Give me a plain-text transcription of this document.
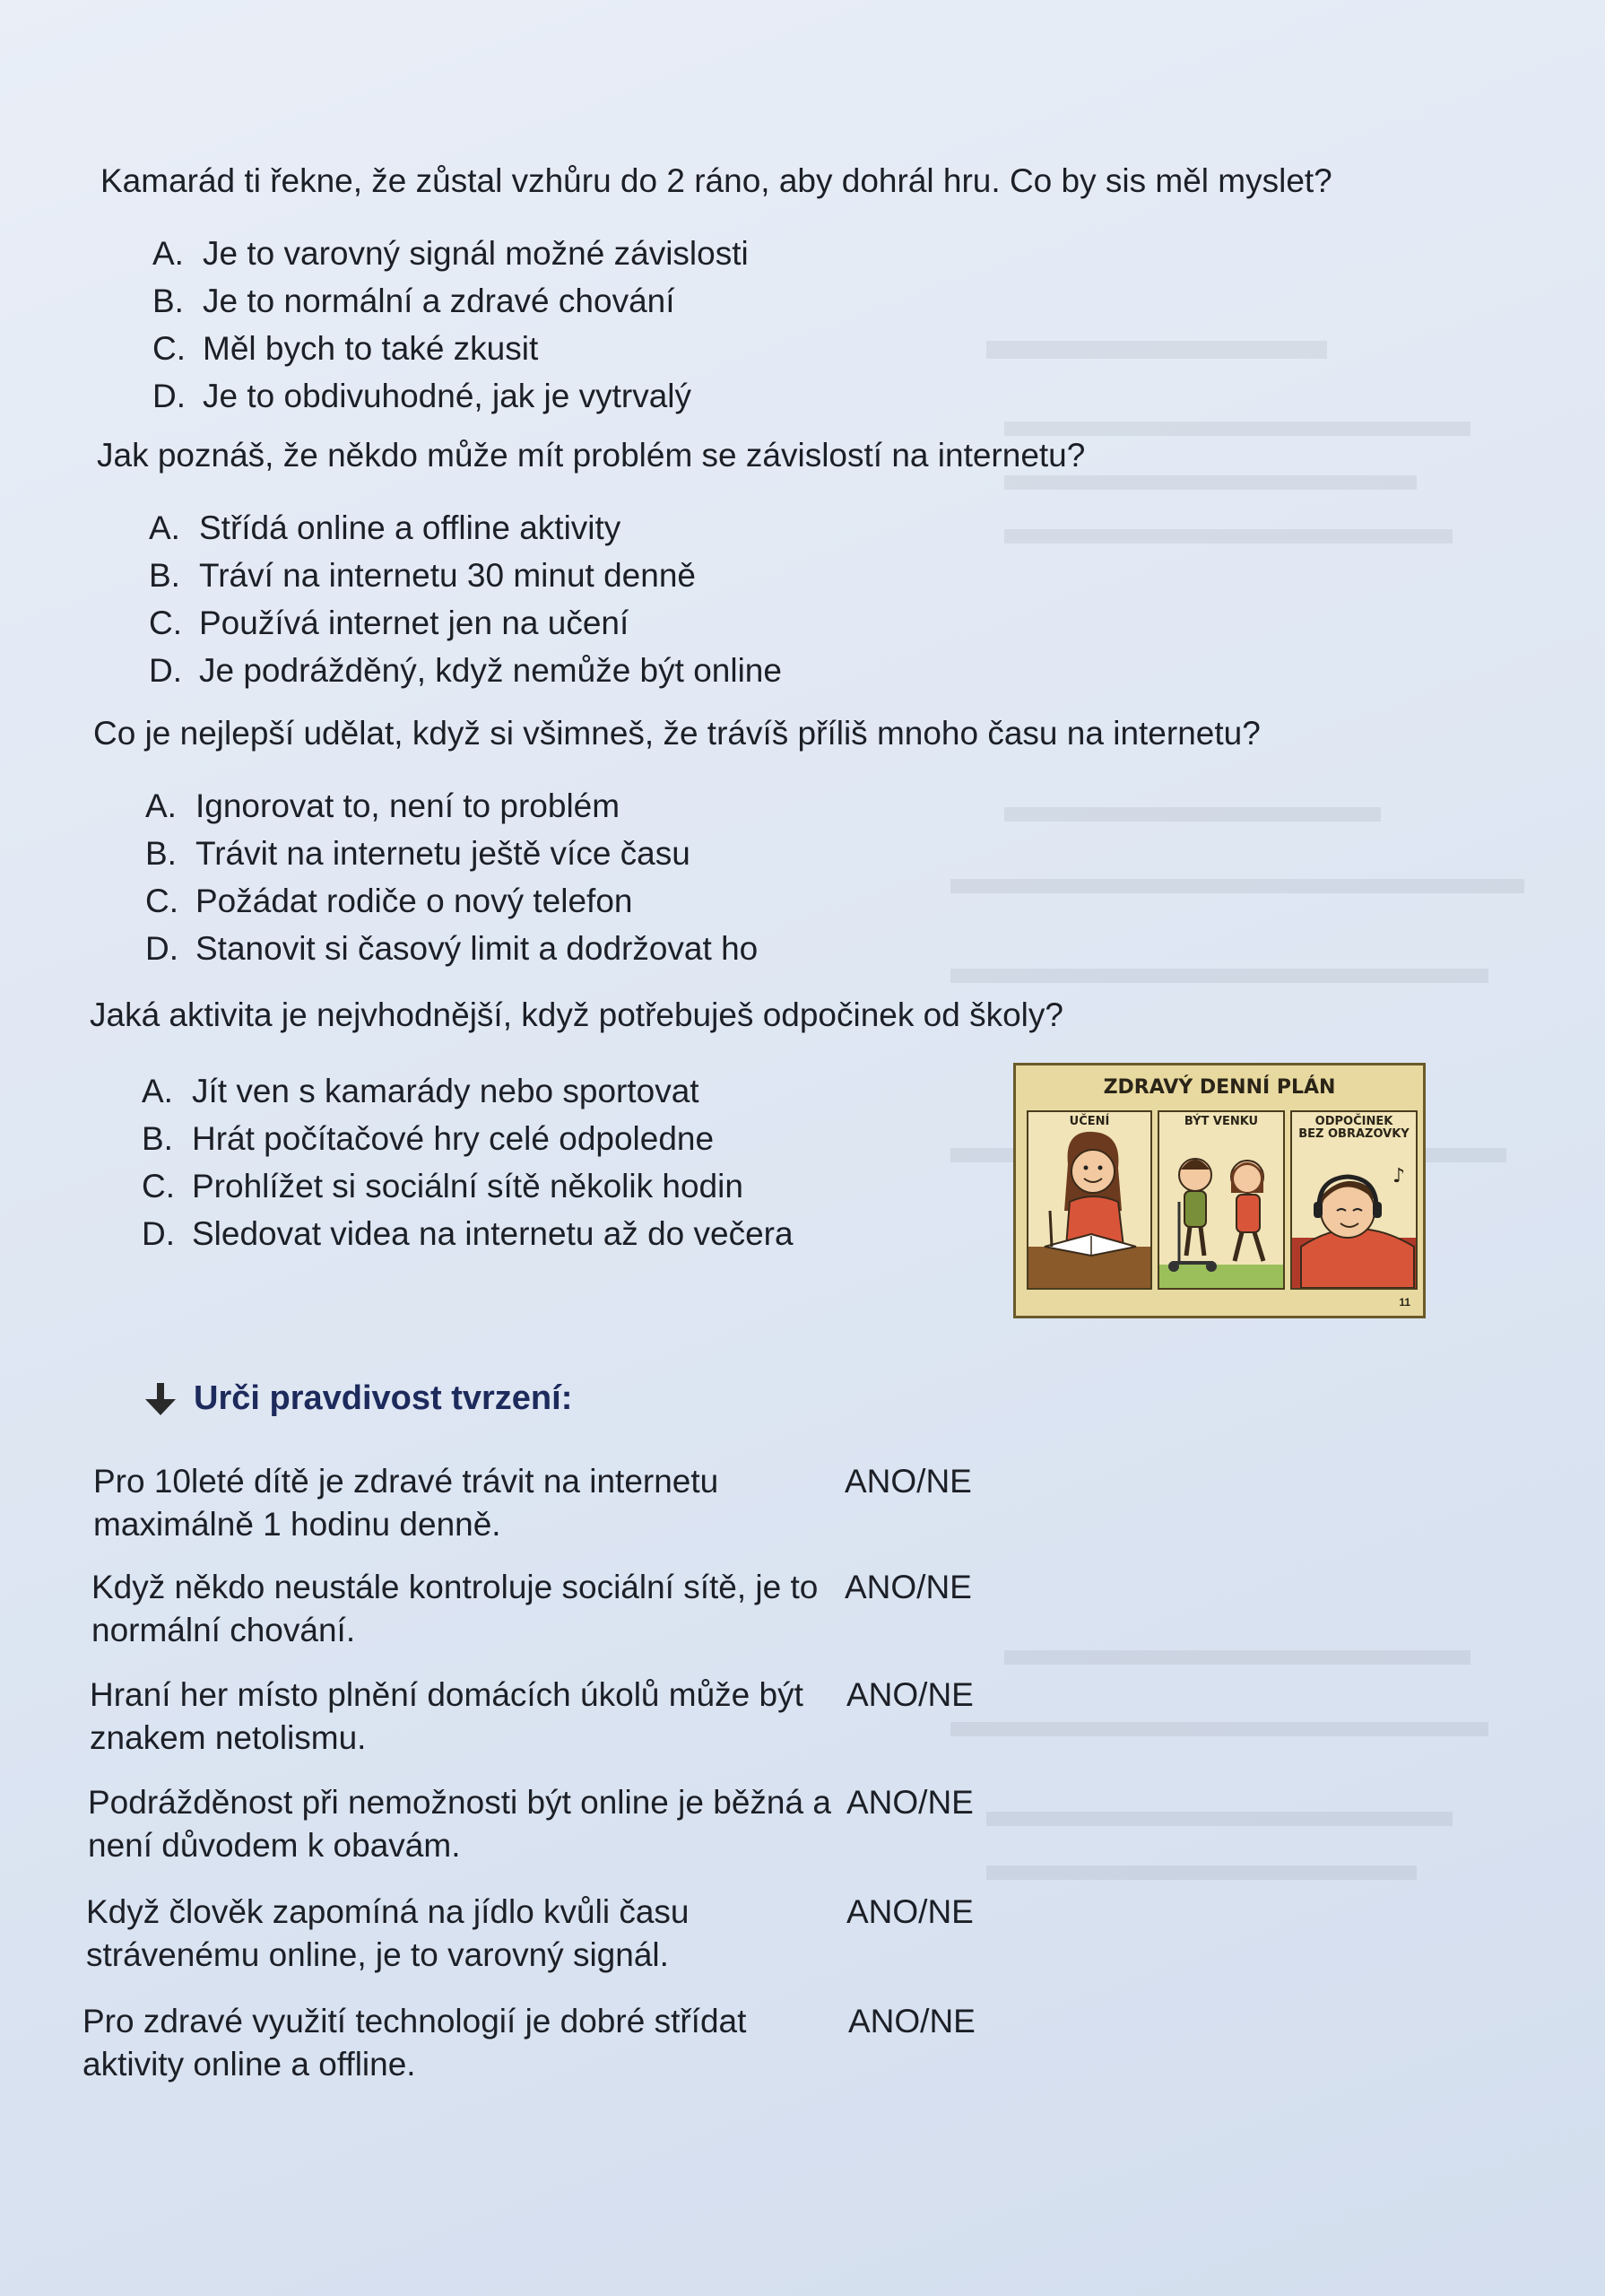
Kamarád ti řekne, že zůstal vzhůru do 2 ráno, aby dohrál hru. Co by sis měl myslet?
A. Je to varovný signál možné závislosti
B. Je to normální a zdravé chování
C. Měl bych to také zkusit
D. Je to obdivuhodné, jak je vytrvalý
Jak poznáš, že někdo může mít problém se závislostí na internetu?
A. Střídá online a offline aktivity
B. Tráví na internetu 30 minut denně
C. Používá internet jen na učení
D. Je podrážděný, když nemůže být online
Co je nejlepší udělat, když si všimneš, že trávíš příliš mnoho času na internetu?
A. Ignorovat to, není to problém
B. Trávit na internetu ještě více času
C. Požádat rodiče o nový telefon
D. Stanovit si časový limit a dodržovat ho
Jaká aktivita je nejvhodnější, když potřebuješ odpočinek od školy?
A. Jít ven s kamarády nebo sportovat
B. Hrát počítačové hry celé odpoledne
C. Prohlížet si sociální sítě několik hodin
D. Sledovat videa na internetu až do večera
ZDRAVÝ DENNÍ PLÁN
UČENÍ	BÝT VENKU
♪
ODPOČINEK
BEZ OBRAZOVKY
11
Urči pravdivost tvrzení:
Pro 10leté dítě je zdravé trávit na internetu maximálně 1 hodinu denně.
ANO/NE
Když někdo neustále kontroluje sociální sítě, je to normální chování.
ANO/NE
Hraní her místo plnění domácích úkolů může být znakem netolismu.
ANO/NE
Podrážděnost při nemožnosti být online je běžná a není důvodem k obavám.
ANO/NE
Když člověk zapomíná na jídlo kvůli času strávenému online, je to varovný signál.
ANO/NE
Pro zdravé využití technologií je dobré střídat aktivity online a offline.
ANO/NE
